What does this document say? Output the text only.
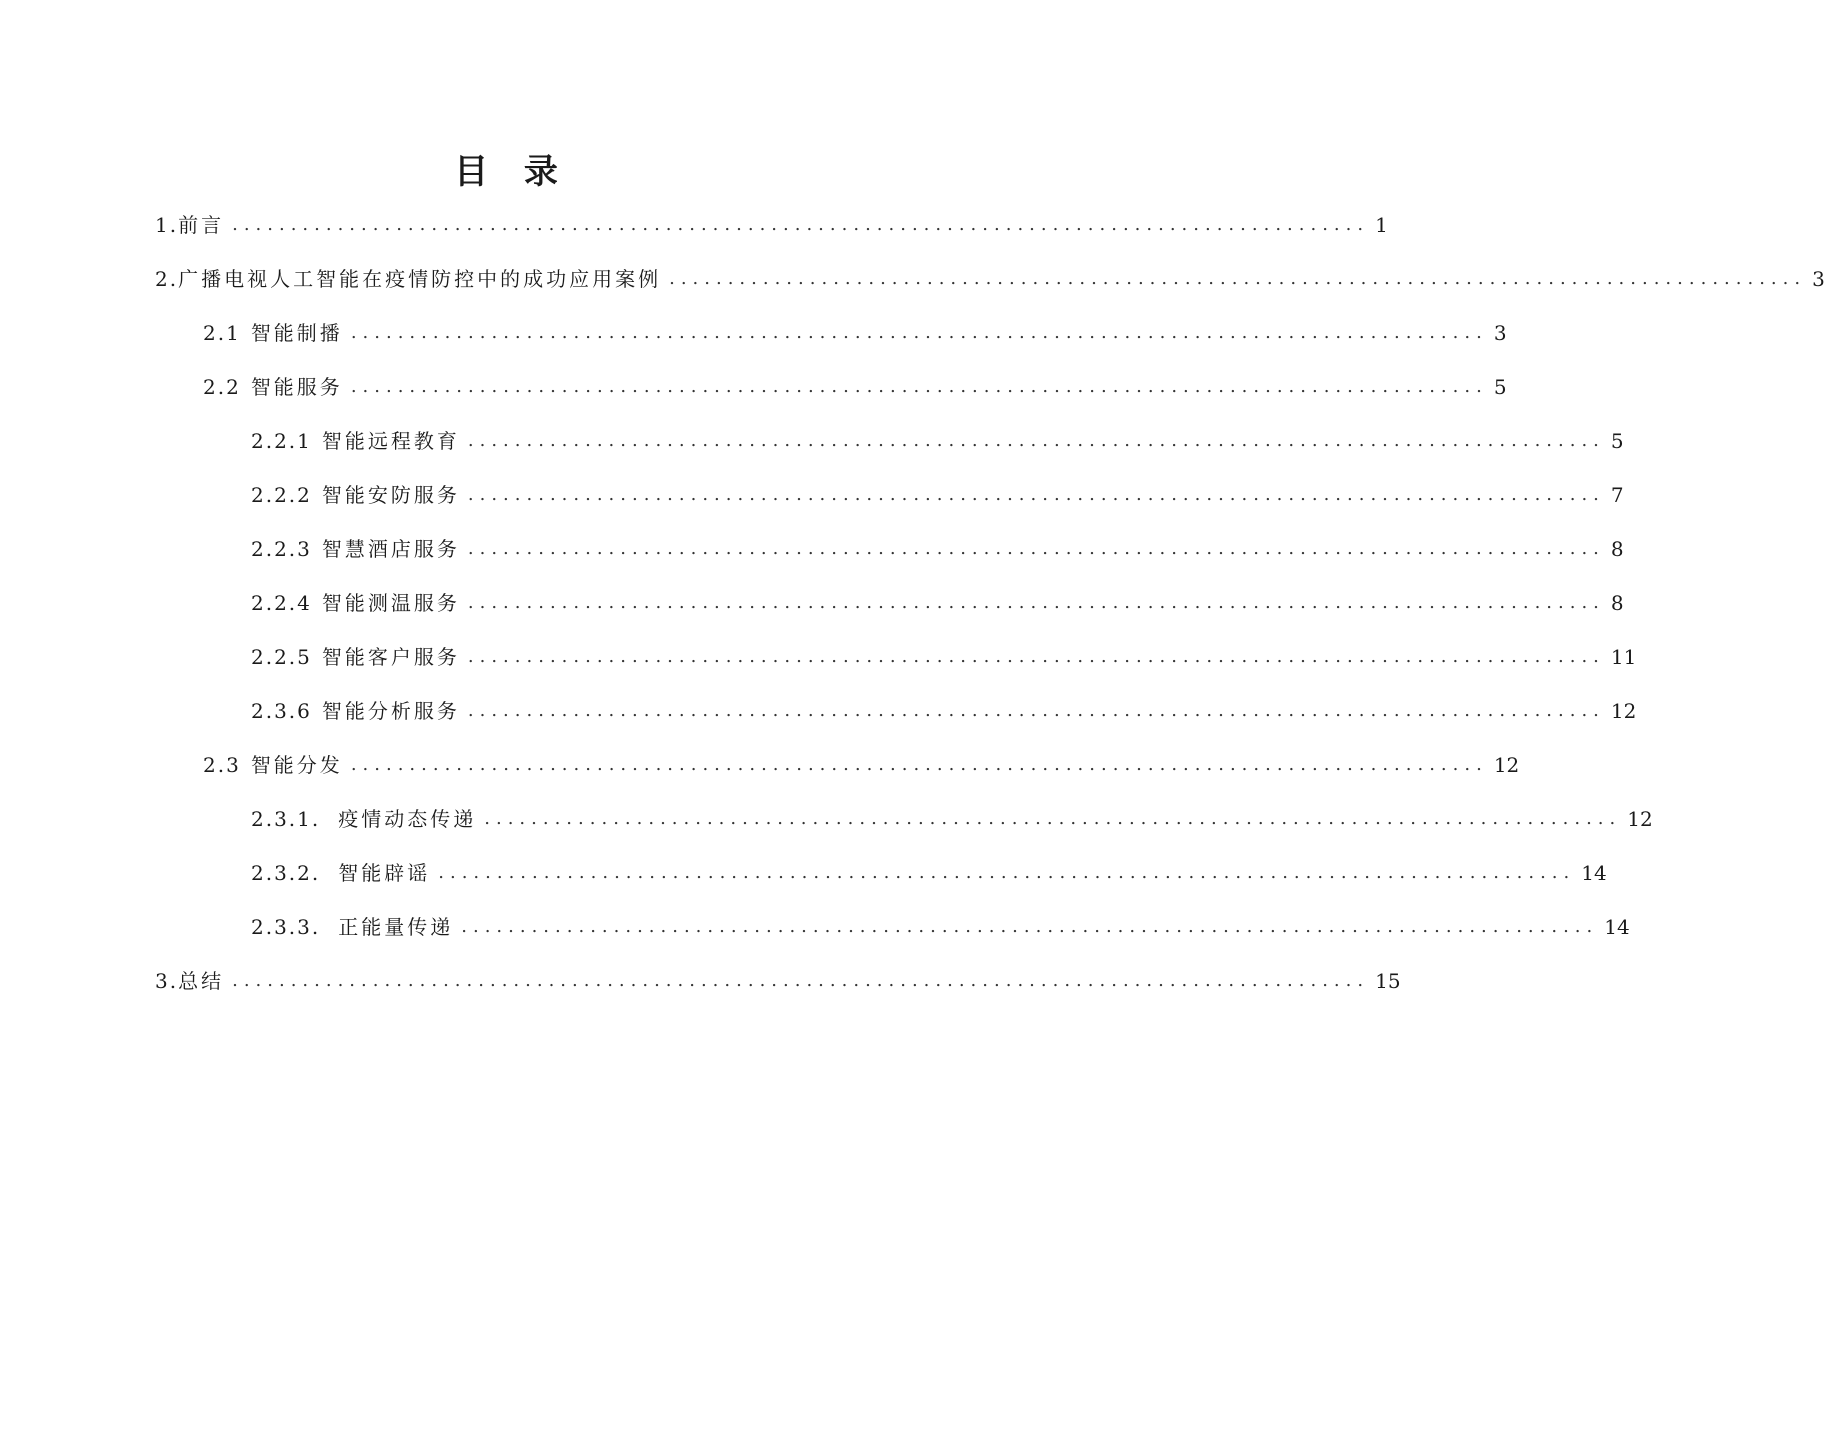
目 录
1. 前言 ................................................................................................. 1
2. 广播电视人工智能在疫情防控中的成功应用案例 ................................................................................................. 3
2.1 智能制播 ................................................................................................. 3
2.2 智能服务 ................................................................................................. 5
2.2.1 智能远程教育 ................................................................................................. 5
2.2.2 智能安防服务 ................................................................................................. 7
2.2.3 智慧酒店服务 ................................................................................................. 8
2.2.4 智能测温服务 ................................................................................................. 8
2.2.5 智能客户服务 ................................................................................................. 11
2.3.6 智能分析服务 ................................................................................................. 12
2.3 智能分发 ................................................................................................. 12
2.3.1. 疫情动态传递 ................................................................................................. 12
2.3.2. 智能辟谣 ................................................................................................. 14
2.3.3. 正能量传递 ................................................................................................. 14
3. 总结 ................................................................................................. 15
